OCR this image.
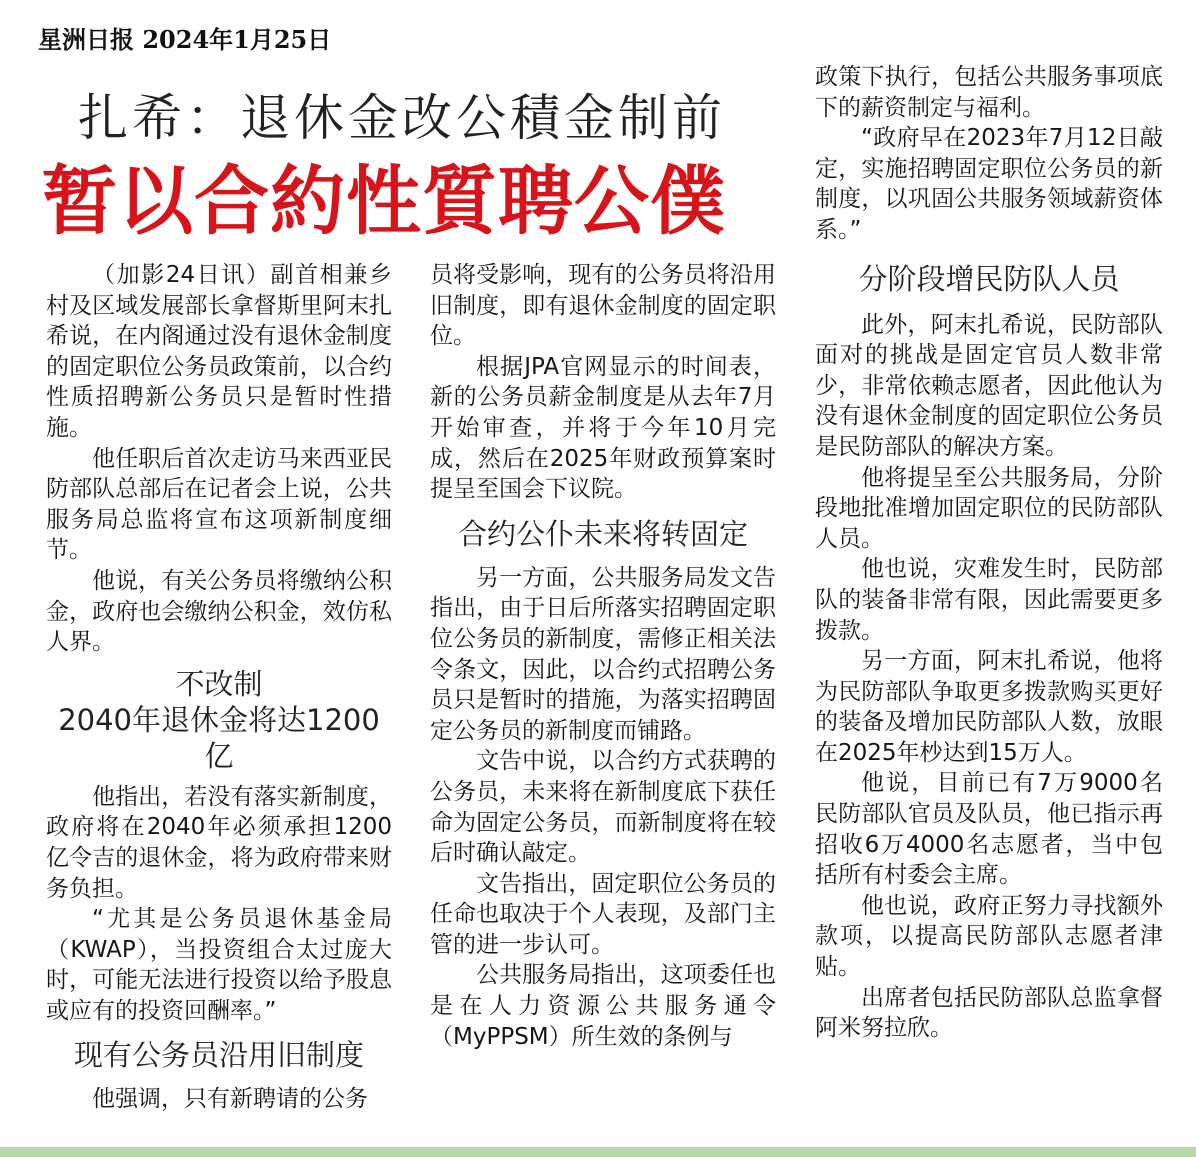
星洲日报 2024年1月25日
扎希：退休金改公積金制前
暂以合約性質聘公僕

（加影24日讯）副首相兼乡村及区域发展部长拿督斯里阿末扎希说，在内阁通过没有退休金制度的固定职位公务员政策前，以合约性质招聘新公务员只是暂时性措施。

他任职后首次走访马来西亚民防部队总部后在记者会上说，公共服务局总监将宣布这项新制度细节。

他说，有关公务员将缴纳公积金，政府也会缴纳公积金，效仿私人界。

不改制
2040年退休金将达1200亿

他指出，若没有落实新制度，政府将在2040年必须承担1200亿令吉的退休金，将为政府带来财务负担。

“尤其是公务员退休基金局（KWAP），当投资组合太过庞大时，可能无法进行投资以给予股息或应有的投资回酬率。”

现有公务员沿用旧制度

他强调，只有新聘请的公务

员将受影响，现有的公务员将沿用旧制度，即有退休金制度的固定职位。

根据JPA官网显示的时间表，新的公务员薪金制度是从去年7月开始审查，并将于今年10月完成，然后在2025年财政预算案时提呈至国会下议院。

合约公仆未来将转固定

另一方面，公共服务局发文告指出，由于日后所落实招聘固定职位公务员的新制度，需修正相关法令条文，因此，以合约式招聘公务员只是暂时的措施，为落实招聘固定公务员的新制度而铺路。

文告中说，以合约方式获聘的公务员，未来将在新制度底下获任命为固定公务员，而新制度将在较后时确认敲定。

文告指出，固定职位公务员的任命也取决于个人表现，及部门主管的进一步认可。

公共服务局指出，这项委任也是在人力资源公共服务通令（MyPPSM）所生效的条例与

政策下执行，包括公共服务事项底下的薪资制定与福利。

“政府早在2023年7月12日敲定，实施招聘固定职位公务员的新制度，以巩固公共服务领域薪资体系。”

分阶段增民防队人员

此外，阿末扎希说，民防部队面对的挑战是固定官员人数非常少，非常依赖志愿者，因此他认为没有退休金制度的固定职位公务员是民防部队的解决方案。

他将提呈至公共服务局，分阶段地批准增加固定职位的民防部队人员。

他也说，灾难发生时，民防部队的装备非常有限，因此需要更多拨款。

另一方面，阿末扎希说，他将为民防部队争取更多拨款购买更好的装备及增加民防部队人数，放眼在2025年杪达到15万人。

他说，目前已有7万9000名民防部队官员及队员，他已指示再招收6万4000名志愿者，当中包括所有村委会主席。

他也说，政府正努力寻找额外款项，以提高民防部队志愿者津贴。

出席者包括民防部队总监拿督阿米努拉欣。
